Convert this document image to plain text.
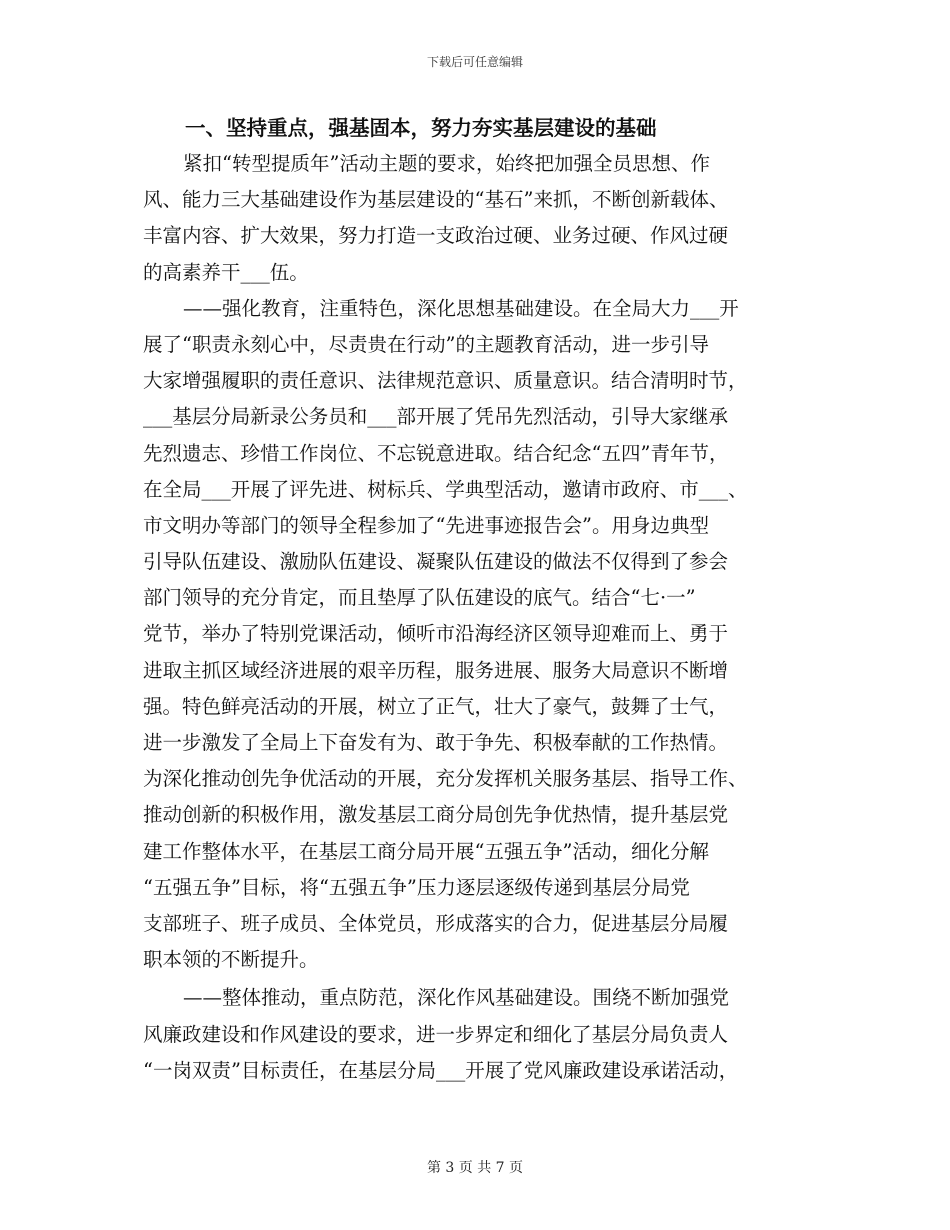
下载后可任意编辑
一、坚持重点，强基固本，努力夯实基层建设的基础
紧扣“转型提质年”活动主题的要求，始终把加强全员思想、作
风、能力三大基础建设作为基层建设的“基石”来抓，不断创新载体、
丰富内容、扩大效果，努力打造一支政治过硬、业务过硬、作风过硬
的高素养干___伍。
——强化教育，注重特色，深化思想基础建设。在全局大力___开
展了“职责永刻心中，尽责贵在行动”的主题教育活动，进一步引导
大家增强履职的责任意识、法律规范意识、质量意识。结合清明时节，
___基层分局新录公务员和___部开展了凭吊先烈活动，引导大家继承
先烈遗志、珍惜工作岗位、不忘锐意进取。结合纪念“五四”青年节，
在全局___开展了评先进、树标兵、学典型活动，邀请市政府、市___、
市文明办等部门的领导全程参加了“先进事迹报告会”。用身边典型
引导队伍建设、激励队伍建设、凝聚队伍建设的做法不仅得到了参会
部门领导的充分肯定，而且垫厚了队伍建设的底气。结合“七·一”
党节，举办了特别党课活动，倾听市沿海经济区领导迎难而上、勇于
进取主抓区域经济进展的艰辛历程，服务进展、服务大局意识不断增
强。特色鲜亮活动的开展，树立了正气，壮大了豪气，鼓舞了士气，
进一步激发了全局上下奋发有为、敢于争先、积极奉献的工作热情。
为深化推动创先争优活动的开展，充分发挥机关服务基层、指导工作、
推动创新的积极作用，激发基层工商分局创先争优热情，提升基层党
建工作整体水平，在基层工商分局开展“五强五争”活动，细化分解
“五强五争”目标，将“五强五争”压力逐层逐级传递到基层分局党
支部班子、班子成员、全体党员，形成落实的合力，促进基层分局履
职本领的不断提升。
——整体推动，重点防范，深化作风基础建设。围绕不断加强党
风廉政建设和作风建设的要求，进一步界定和细化了基层分局负责人
“一岗双责”目标责任，在基层分局___开展了党风廉政建设承诺活动，
第 3 页 共 7 页
